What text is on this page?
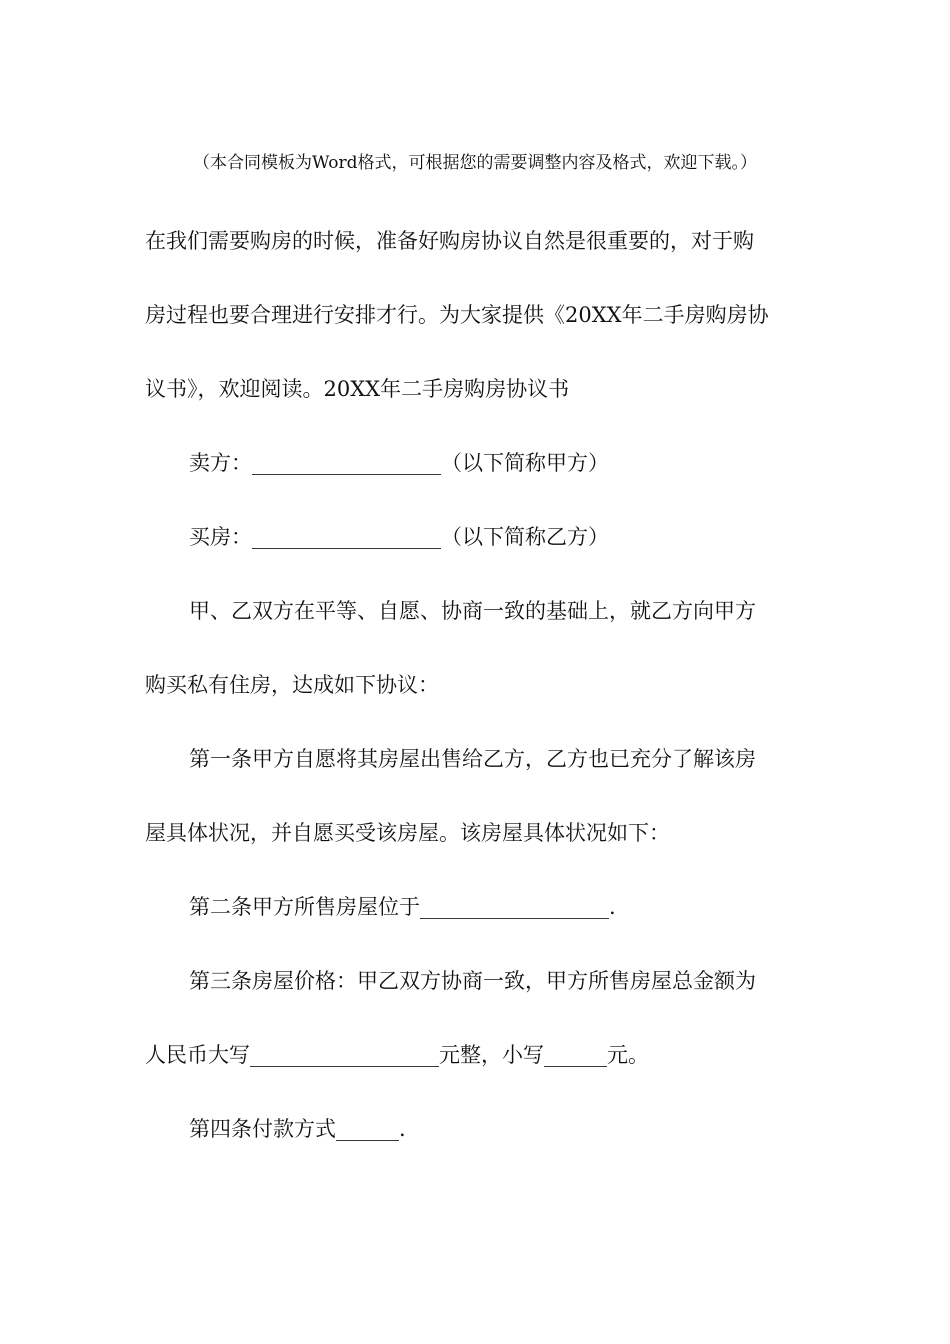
（本合同模板为Word格式，可根据您的需要调整内容及格式，欢迎下载。）

在我们需要购房的时候，准备好购房协议自然是很重要的，对于购

房过程也要合理进行安排才行。为大家提供《20XX年二手房购房协

议书》，欢迎阅读。20XX年二手房购房协议书

卖方：__________________（以下简称甲方）

买房：__________________（以下简称乙方）

甲、乙双方在平等、自愿、协商一致的基础上，就乙方向甲方

购买私有住房，达成如下协议：

第一条甲方自愿将其房屋出售给乙方，乙方也已充分了解该房

屋具体状况，并自愿买受该房屋。该房屋具体状况如下：

第二条甲方所售房屋位于__________________.

第三条房屋价格：甲乙双方协商一致，甲方所售房屋总金额为

人民币大写__________________元整，小写______元。

第四条付款方式______.
